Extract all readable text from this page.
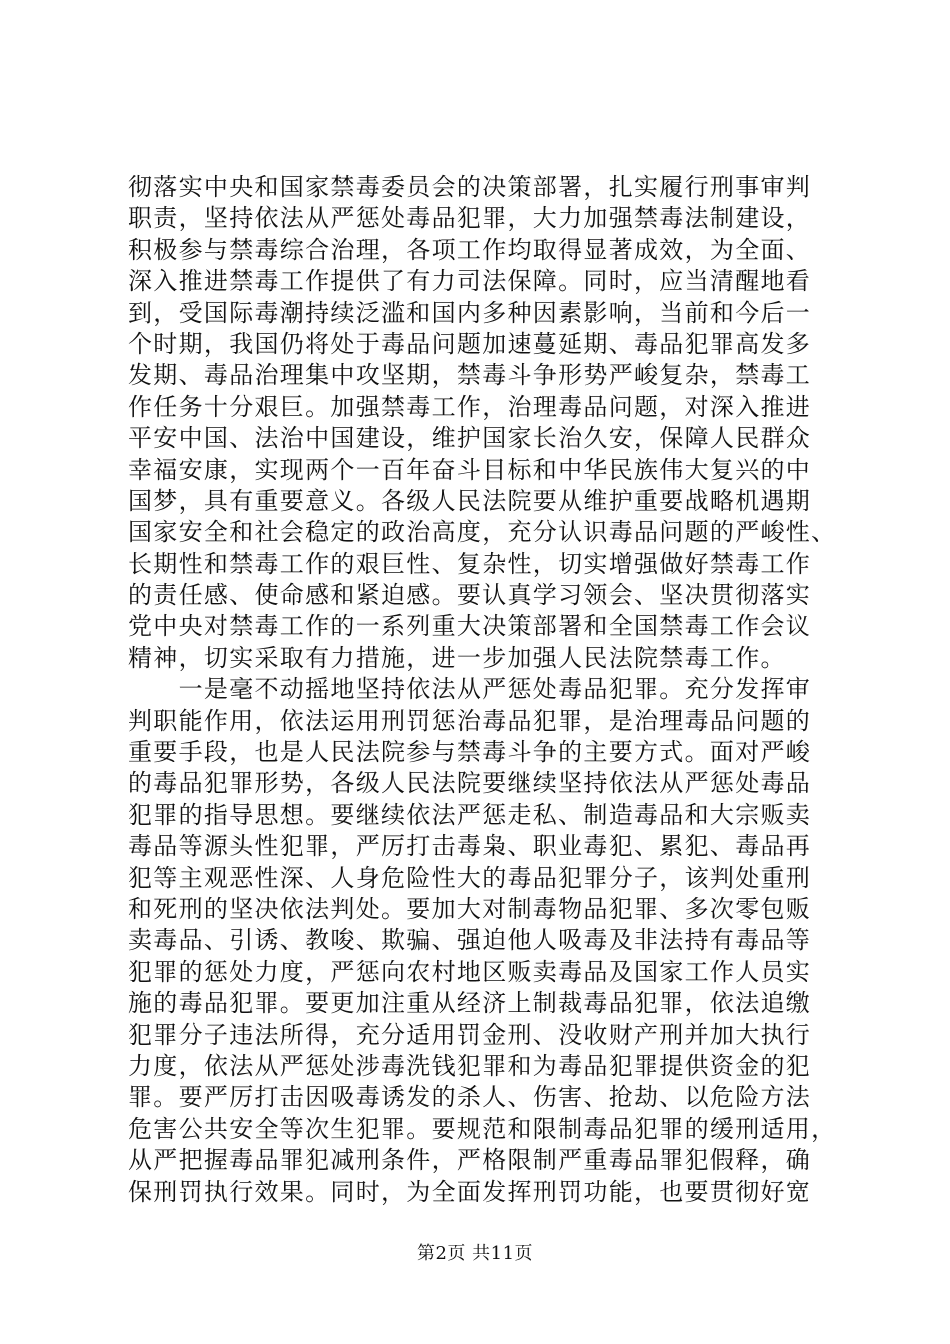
彻落实中央和国家禁毒委员会的决策部署，扎实履行刑事审判
职责，坚持依法从严惩处毒品犯罪，大力加强禁毒法制建设，
积极参与禁毒综合治理，各项工作均取得显著成效，为全面、
深入推进禁毒工作提供了有力司法保障。同时，应当清醒地看
到，受国际毒潮持续泛滥和国内多种因素影响，当前和今后一
个时期，我国仍将处于毒品问题加速蔓延期、毒品犯罪高发多
发期、毒品治理集中攻坚期，禁毒斗争形势严峻复杂，禁毒工
作任务十分艰巨。加强禁毒工作，治理毒品问题，对深入推进
平安中国、法治中国建设，维护国家长治久安，保障人民群众
幸福安康，实现两个一百年奋斗目标和中华民族伟大复兴的中
国梦，具有重要意义。各级人民法院要从维护重要战略机遇期
国家安全和社会稳定的政治高度，充分认识毒品问题的严峻性、
长期性和禁毒工作的艰巨性、复杂性，切实增强做好禁毒工作
的责任感、使命感和紧迫感。要认真学习领会、坚决贯彻落实
党中央对禁毒工作的一系列重大决策部署和全国禁毒工作会议
精神，切实采取有力措施，进一步加强人民法院禁毒工作。
　　一是毫不动摇地坚持依法从严惩处毒品犯罪。充分发挥审
判职能作用，依法运用刑罚惩治毒品犯罪，是治理毒品问题的
重要手段，也是人民法院参与禁毒斗争的主要方式。面对严峻
的毒品犯罪形势，各级人民法院要继续坚持依法从严惩处毒品
犯罪的指导思想。要继续依法严惩走私、制造毒品和大宗贩卖
毒品等源头性犯罪，严厉打击毒枭、职业毒犯、累犯、毒品再
犯等主观恶性深、人身危险性大的毒品犯罪分子，该判处重刑
和死刑的坚决依法判处。要加大对制毒物品犯罪、多次零包贩
卖毒品、引诱、教唆、欺骗、强迫他人吸毒及非法持有毒品等
犯罪的惩处力度，严惩向农村地区贩卖毒品及国家工作人员实
施的毒品犯罪。要更加注重从经济上制裁毒品犯罪，依法追缴
犯罪分子违法所得，充分适用罚金刑、没收财产刑并加大执行
力度，依法从严惩处涉毒洗钱犯罪和为毒品犯罪提供资金的犯
罪。要严厉打击因吸毒诱发的杀人、伤害、抢劫、以危险方法
危害公共安全等次生犯罪。要规范和限制毒品犯罪的缓刑适用，
从严把握毒品罪犯减刑条件，严格限制严重毒品罪犯假释，确
保刑罚执行效果。同时，为全面发挥刑罚功能，也要贯彻好宽
第2页 共11页
